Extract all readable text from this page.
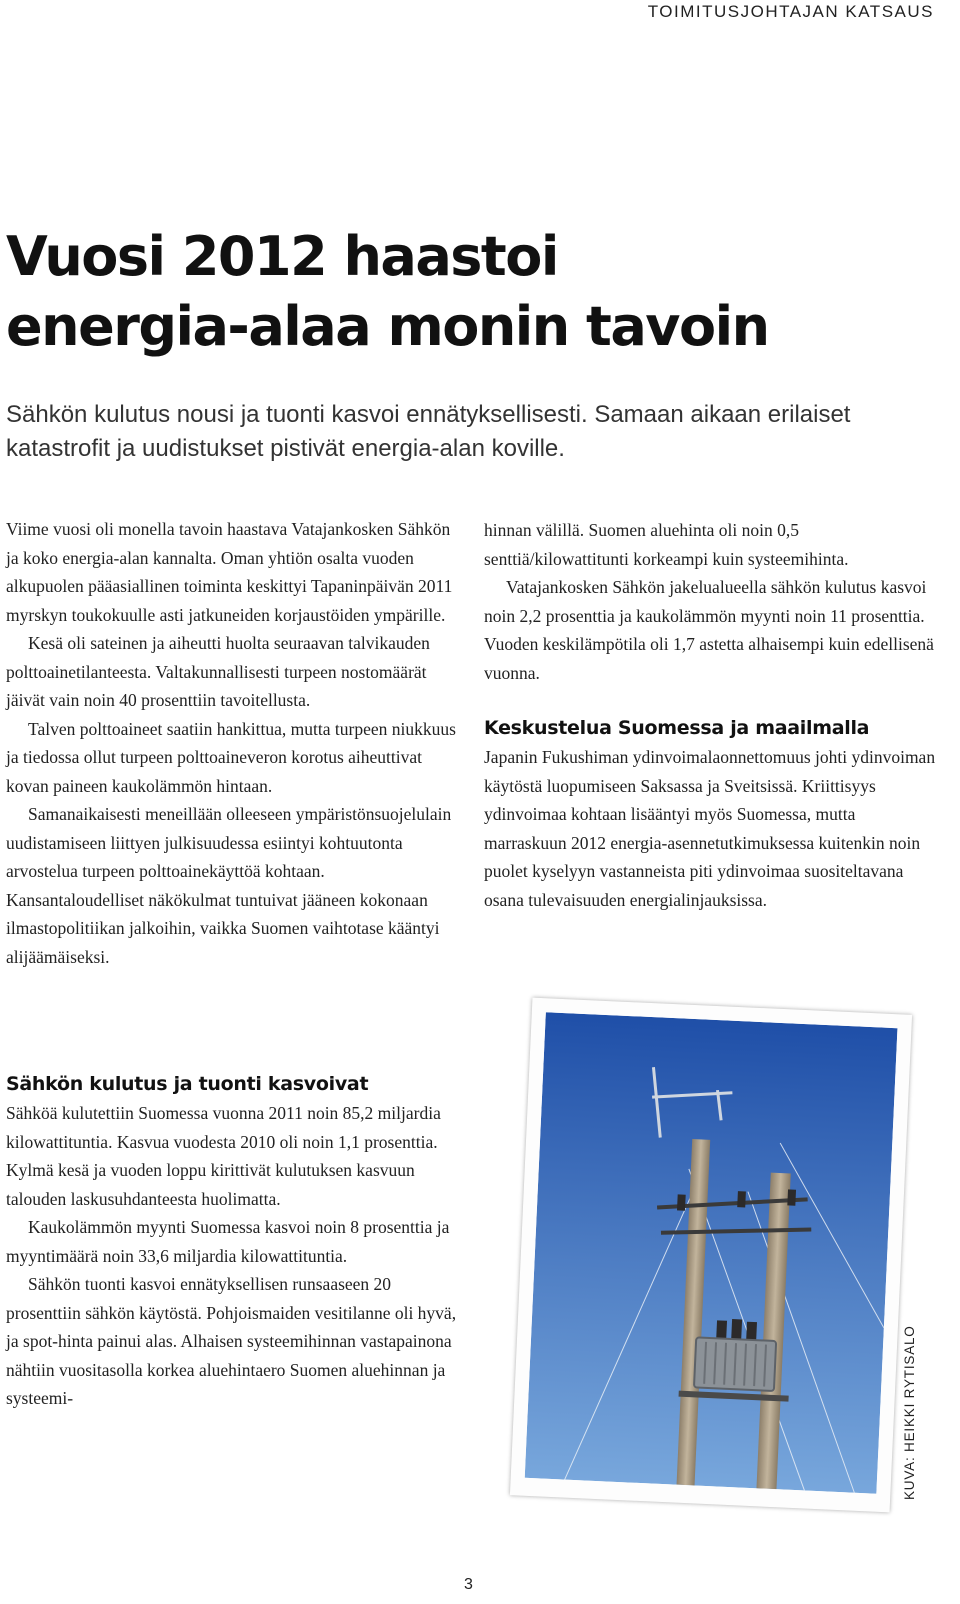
TOIMITUSJOHTAJAN KATSAUS
Vuosi 2012 haastoi
energia-alaa monin tavoin

Sähkön kulutus nousi ja tuonti kasvoi ennätyksellisesti. Samaan aikaan erilaiset
katastrofit ja uudistukset pistivät energia-alan koville.

Viime vuosi oli monella tavoin haastava Vatajankosken Sähkön ja koko energia-alan kannalta. Oman yhtiön osalta vuoden alkupuolen pääasiallinen toiminta keskittyi Tapaninpäivän 2011 myrskyn toukokuulle asti jatkuneiden korjaustöiden ympärille.

Kesä oli sateinen ja aiheutti huolta seuraavan talvikauden polttoainetilanteesta. Valtakunnallisesti turpeen nostomäärät jäivät vain noin 40 prosenttiin tavoitellusta.

Talven polttoaineet saatiin hankittua, mutta turpeen niukkuus ja tiedossa ollut turpeen polttoaineveron korotus aiheuttivat kovan paineen kaukolämmön hintaan.

Samanaikaisesti meneillään olleeseen ympäristönsuojelulain uudistamiseen liittyen julkisuudessa esiintyi kohtuutonta arvostelua turpeen polttoainekäyttöä kohtaan. Kansantaloudelliset näkökulmat tuntuivat jääneen kokonaan ilmastopolitiikan jalkoihin, vaikka Suomen vaihtotase kääntyi alijäämäiseksi.

Sähkön kulutus ja tuonti kasvoivat

Sähköä kulutettiin Suomessa vuonna 2011 noin 85,2 miljardia kilowattituntia. Kasvua vuodesta 2010 oli noin 1,1 prosenttia. Kylmä kesä ja vuoden loppu kirittivät kulutuksen kasvuun talouden laskusuhdanteesta huolimatta.

Kaukolämmön myynti Suomessa kasvoi noin 8 prosenttia ja myyntimäärä noin 33,6 miljardia kilowattituntia.

Sähkön tuonti kasvoi ennätyksellisen runsaaseen 20 prosenttiin sähkön käytöstä. Pohjoismaiden vesitilanne oli hyvä, ja spot-hinta painui alas. Alhaisen systeemihinnan vastapainona nähtiin vuositasolla korkea aluehintaero Suomen aluehinnan ja systeemi-

hinnan välillä. Suomen aluehinta oli noin 0,5 senttiä/kilowattitunti korkeampi kuin systeemihinta.

Vatajankosken Sähkön jakelualueella sähkön kulutus kasvoi noin 2,2 prosenttia ja kaukolämmön myynti noin 11 prosenttia. Vuoden keskilämpötila oli 1,7 astetta alhaisempi kuin edellisenä vuonna.

Keskustelua Suomessa ja maailmalla

Japanin Fukushiman ydinvoimalaonnettomuus johti ydinvoiman käytöstä luopumiseen Saksassa ja Sveitsissä. Kriittisyys ydinvoimaa kohtaan lisääntyi myös Suomessa, mutta marraskuun 2012 energia-asennetutkimuksessa kuitenkin noin puolet kyselyyn vastanneista piti ydinvoimaa suositeltavana osana tulevaisuuden energialinjauksissa.

KUVA: HEIKKI RYTISALO
3
